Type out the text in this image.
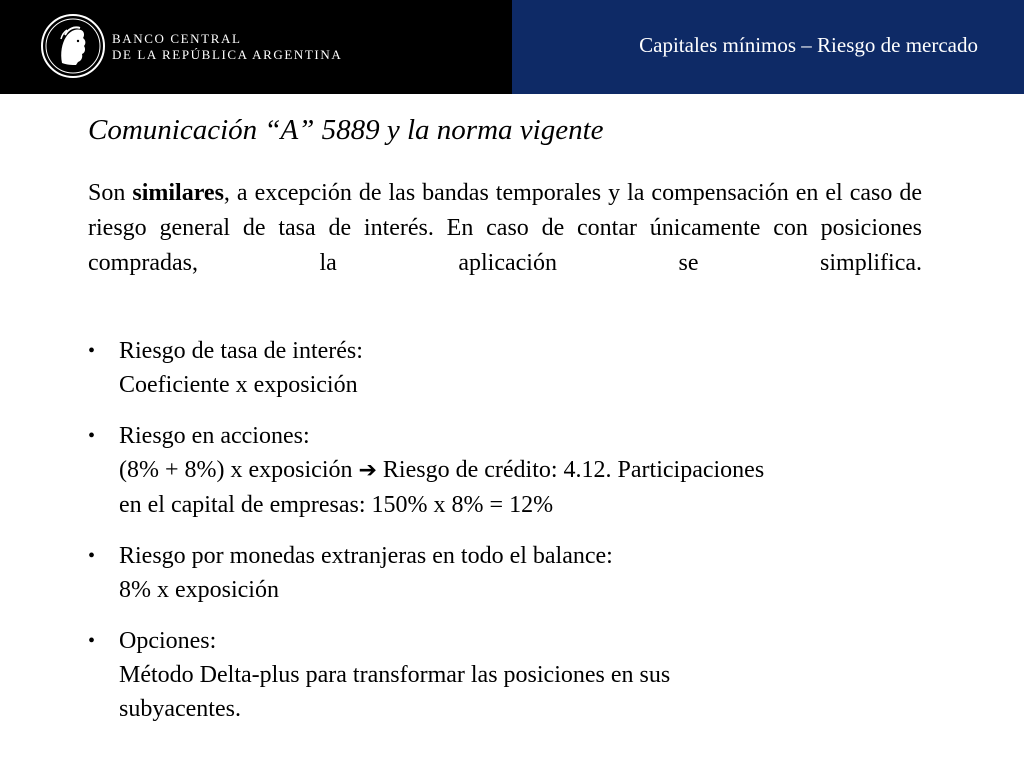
BANCO CENTRAL
DE LA REPÚBLICA ARGENTINA	Capitales mínimos – Riesgo de mercado
Comunicación “A” 5889 y la norma vigente

Son similares, a excepción de las bandas temporales y la compensación en el caso de riesgo general de tasa de interés. En caso de contar únicamente con posiciones compradas, la aplicación se simplifica.

• Riesgo de tasa de interés:
Coeficiente x exposición
• Riesgo en acciones:
(8% + 8%) x exposición ➔ Riesgo de crédito: 4.12. Participaciones
en el capital de empresas: 150% x 8% = 12%
• Riesgo por monedas extranjeras en todo el balance:
8% x exposición
• Opciones:
Método Delta-plus para transformar las posiciones en sus
subyacentes.
